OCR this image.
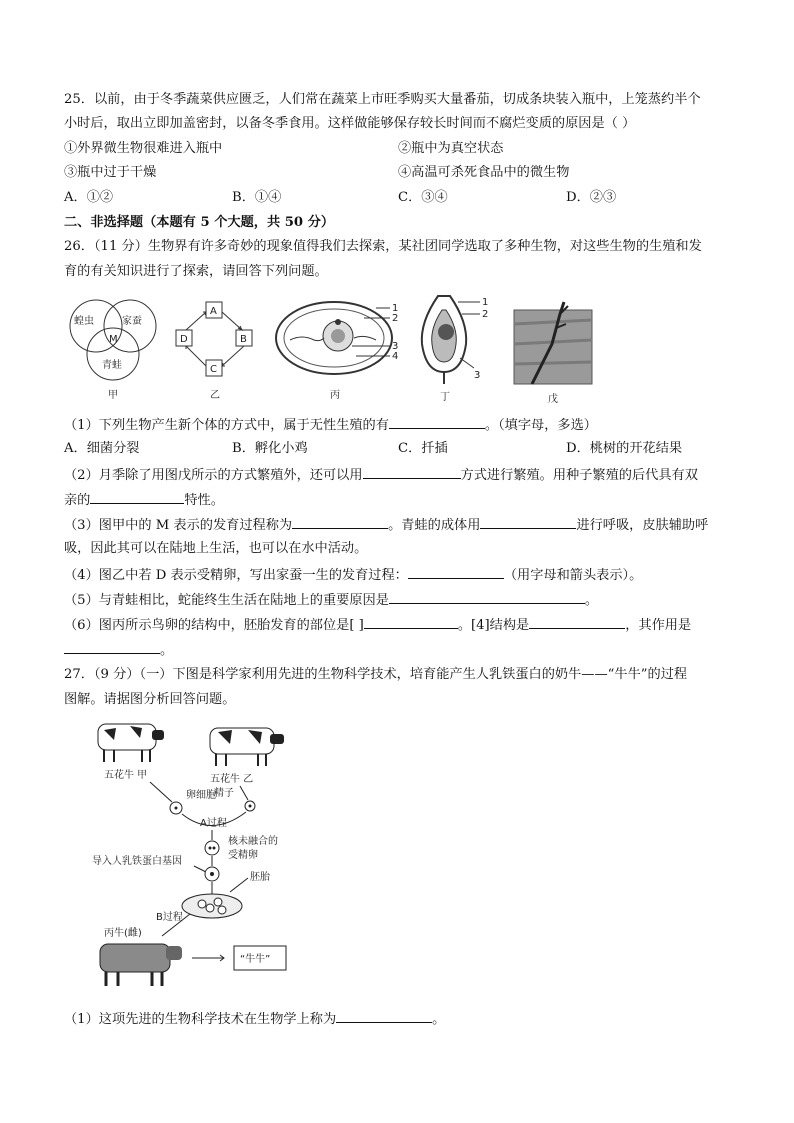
25．以前，由于冬季蔬菜供应匮乏，人们常在蔬菜上市旺季购买大量番茄，切成条块装入瓶中，上笼蒸约半个
小时后，取出立即加盖密封，以备冬季食用。这样做能够保存较长时间而不腐烂变质的原因是（ ）
①外界微生物很难进入瓶中	②瓶中为真空状态
③瓶中过于干燥	④高温可杀死食品中的微生物
A．①②	B．①④	C．③④	D．②③
二、非选择题（本题有 5 个大题，共 50 分）
26．（11 分）生物界有许多奇妙的现象值得我们去探索，某社团同学选取了多种生物，对这些生物的生殖和发
育的有关知识进行了探索，请回答下列问题。
蝗虫	家蚕
M
青蛙
甲
A
B
C
D
乙
1
2
3
4
丙
1
2
3
丁	戊
（1）下列生物产生新个体的方式中，属于无性生殖的有	。（填字母，多选）
A．细菌分裂	B．孵化小鸡	C．扦插	D．桃树的开花结果
（2）月季除了用图戊所示的方式繁殖外，还可以用	方式进行繁殖。用种子繁殖的后代具有双
亲的	特性。
（3）图甲中的 M 表示的发育过程称为	。青蛙的成体用	进行呼吸，皮肤辅助呼
吸，因此其可以在陆地上生活，也可以在水中活动。
（4）图乙中若 D 表示受精卵，写出家蚕一生的发育过程：	（用字母和箭头表示）。
（5）与青蛙相比，蛇能终生生活在陆地上的重要原因是	。
（6）图丙所示鸟卵的结构中，胚胎发育的部位是[ ]	。[4]结构是	，其作用是
。
27．（9 分）（一）下图是科学家利用先进的生物科学技术，培育能产生人乳铁蛋白的奶牛——“牛牛”的过程
图解。请据图分析回答问题。
五花牛 甲	五花牛 乙
精子
卵细胞
A过程
核未融合的
受精卵
导入人乳铁蛋白基因
胚胎
B过程
丙牛(雌)
“牛牛”
（1）这项先进的生物科学技术在生物学上称为	。
